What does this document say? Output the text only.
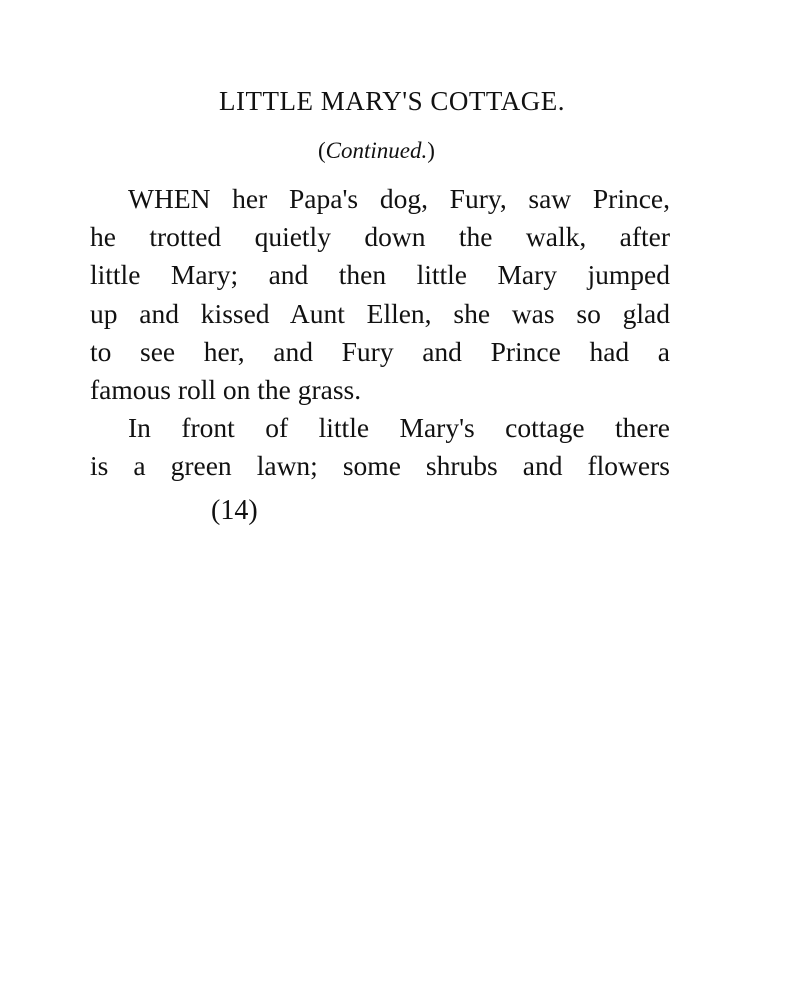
LITTLE MARY'S COTTAGE.
(Continued.)
WHEN her Papa's dog, Fury, saw Prince,
he trotted quietly down the walk, after
little Mary; and then little Mary jumped
up and kissed Aunt Ellen, she was so glad
to see her, and Fury and Prince had a
famous roll on the grass.
In front of little Mary's cottage there
is a green lawn; some shrubs and flowers
(14)
